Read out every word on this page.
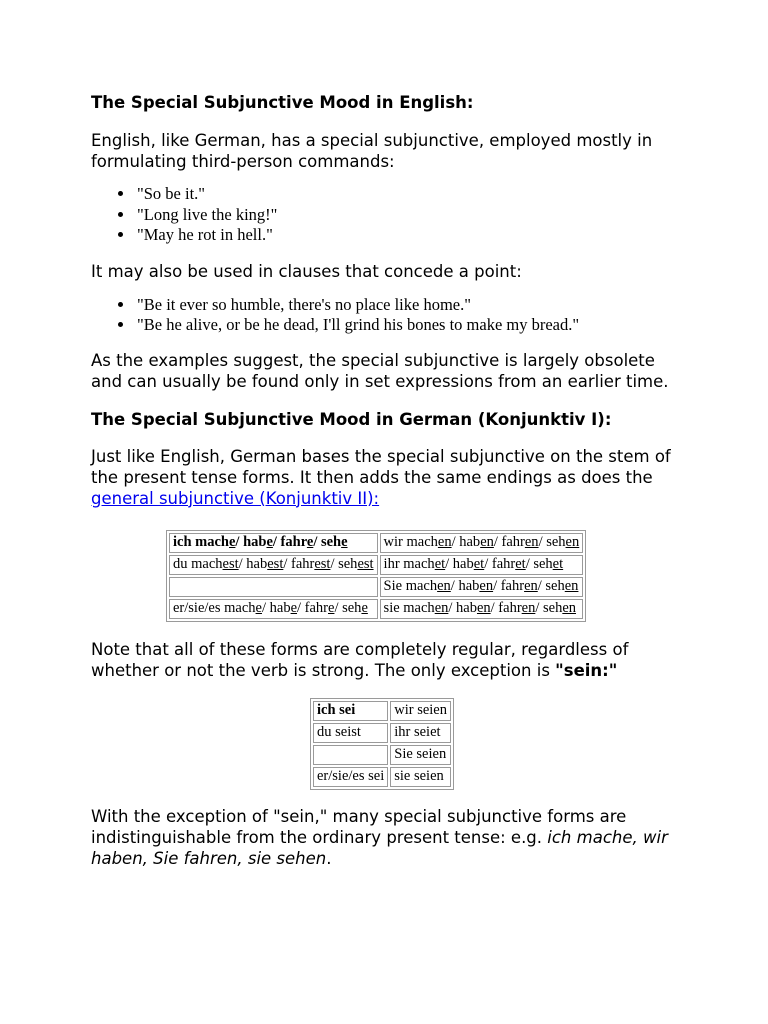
The Special Subjunctive Mood in English:

English, like German, has a special subjunctive, employed mostly in formulating third-person commands:

• "So be it."
• "Long live the king!"
• "May he rot in hell."

It may also be used in clauses that concede a point:

• "Be it ever so humble, there's no place like home."
• "Be he alive, or be he dead, I'll grind his bones to make my bread."

As the examples suggest, the special subjunctive is largely obsolete and can usually be found only in set expressions from an earlier time.

The Special Subjunctive Mood in German (Konjunktiv I):

Just like English, German bases the special subjunctive on the stem of the present tense forms. It then adds the same endings as does the general subjunctive (Konjunktiv II):

ich mache/ habe/ fahre/ sehe	wir machen/ haben/ fahren/ sehen
du machest/ habest/ fahrest/ sehest	ihr machet/ habet/ fahret/ sehet
	Sie machen/ haben/ fahren/ sehen
er/sie/es mache/ habe/ fahre/ sehe	sie machen/ haben/ fahren/ sehen

Note that all of these forms are completely regular, regardless of whether or not the verb is strong. The only exception is "sein:"

ich sei	wir seien
du seist	ihr seiet
	Sie seien
er/sie/es sei	sie seien

With the exception of "sein," many special subjunctive forms are indistinguishable from the ordinary present tense: e.g. ich mache, wir haben, Sie fahren, sie sehen.
